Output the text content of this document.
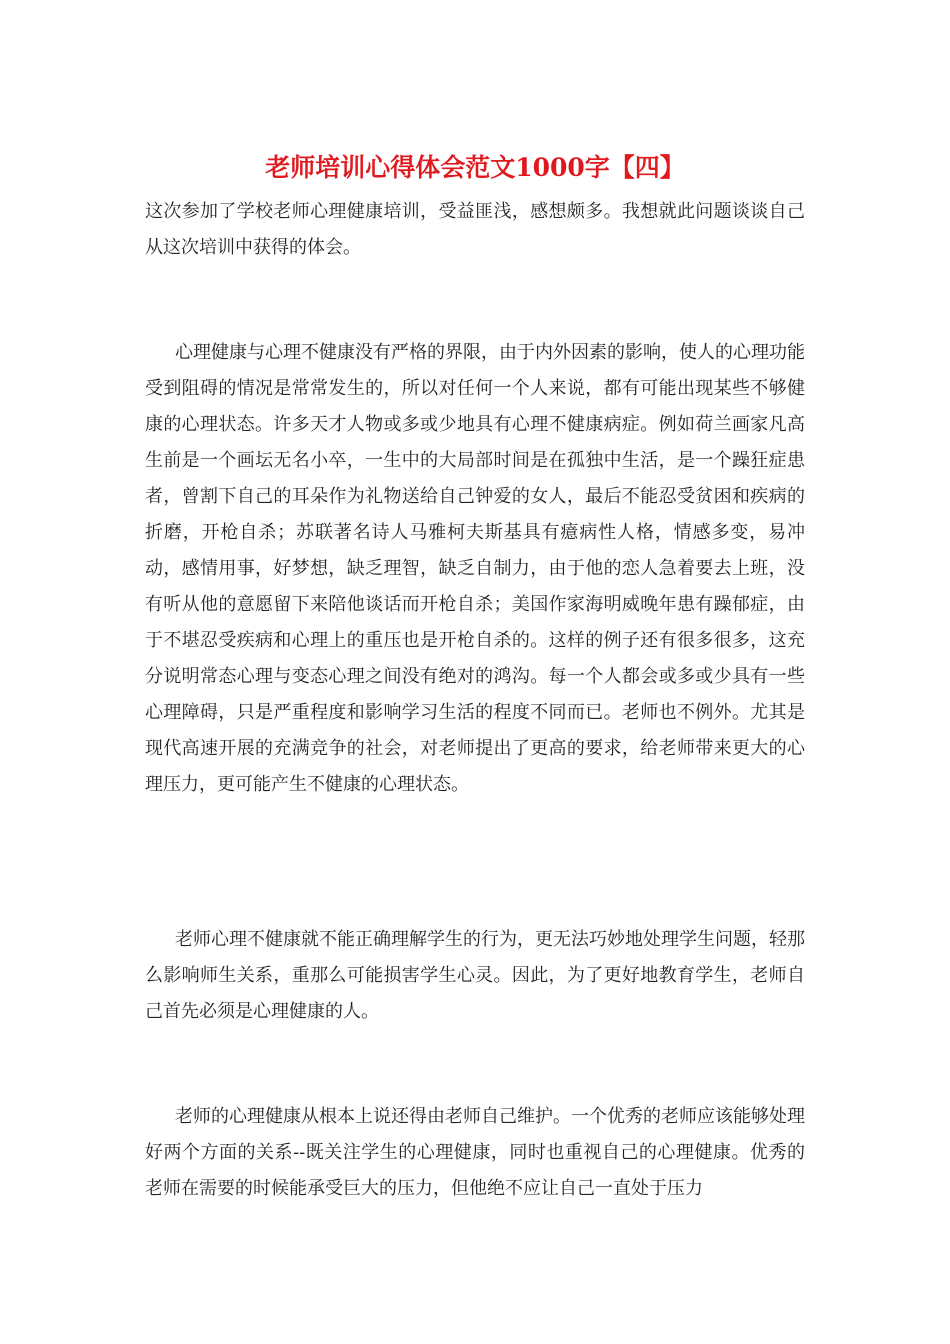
老师培训心得体会范文1000字【四】
这次参加了学校老师心理健康培训，受益匪浅，感想颇多。我想就此问题谈谈自己从这次培训中获得的体会。
心理健康与心理不健康没有严格的界限，由于内外因素的影响，使人的心理功能受到阻碍的情况是常常发生的，所以对任何一个人来说，都有可能出现某些不够健康的心理状态。许多天才人物或多或少地具有心理不健康病症。例如荷兰画家凡高生前是一个画坛无名小卒，一生中的大局部时间是在孤独中生活，是一个躁狂症患者，曾割下自己的耳朵作为礼物送给自己钟爱的女人，最后不能忍受贫困和疾病的折磨，开枪自杀；苏联著名诗人马雅柯夫斯基具有癔病性人格，情感多变，易冲动，感情用事，好梦想，缺乏理智，缺乏自制力，由于他的恋人急着要去上班，没有听从他的意愿留下来陪他谈话而开枪自杀；美国作家海明威晚年患有躁郁症，由于不堪忍受疾病和心理上的重压也是开枪自杀的。这样的例子还有很多很多，这充分说明常态心理与变态心理之间没有绝对的鸿沟。每一个人都会或多或少具有一些心理障碍，只是严重程度和影响学习生活的程度不同而已。老师也不例外。尤其是现代高速开展的充满竞争的社会，对老师提出了更高的要求，给老师带来更大的心理压力，更可能产生不健康的心理状态。
老师心理不健康就不能正确理解学生的行为，更无法巧妙地处理学生问题，轻那么影响师生关系，重那么可能损害学生心灵。因此，为了更好地教育学生，老师自己首先必须是心理健康的人。
老师的心理健康从根本上说还得由老师自己维护。一个优秀的老师应该能够处理好两个方面的关系--既关注学生的心理健康，同时也重视自己的心理健康。优秀的老师在需要的时候能承受巨大的压力，但他绝不应让自己一直处于压力
